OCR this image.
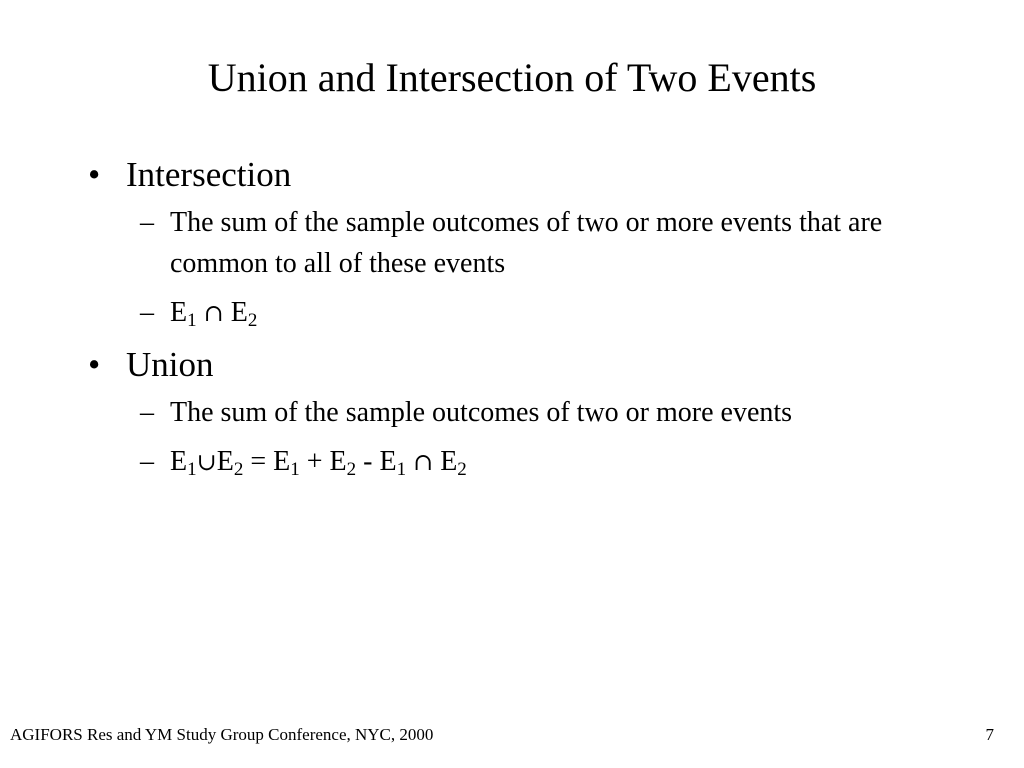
Union and Intersection of Two Events
• Intersection
– The sum of the sample outcomes of two or more events that are common to all of these events
– $E_1$ ∩ $E_2$
• Union
– The sum of the sample outcomes of two or more events
– $E_1\cup E_2 = E_1 + E_2 - E_1$ ∩ $E_2$
AGIFORS Res and YM Study Group Conference, NYC, 2000	7
